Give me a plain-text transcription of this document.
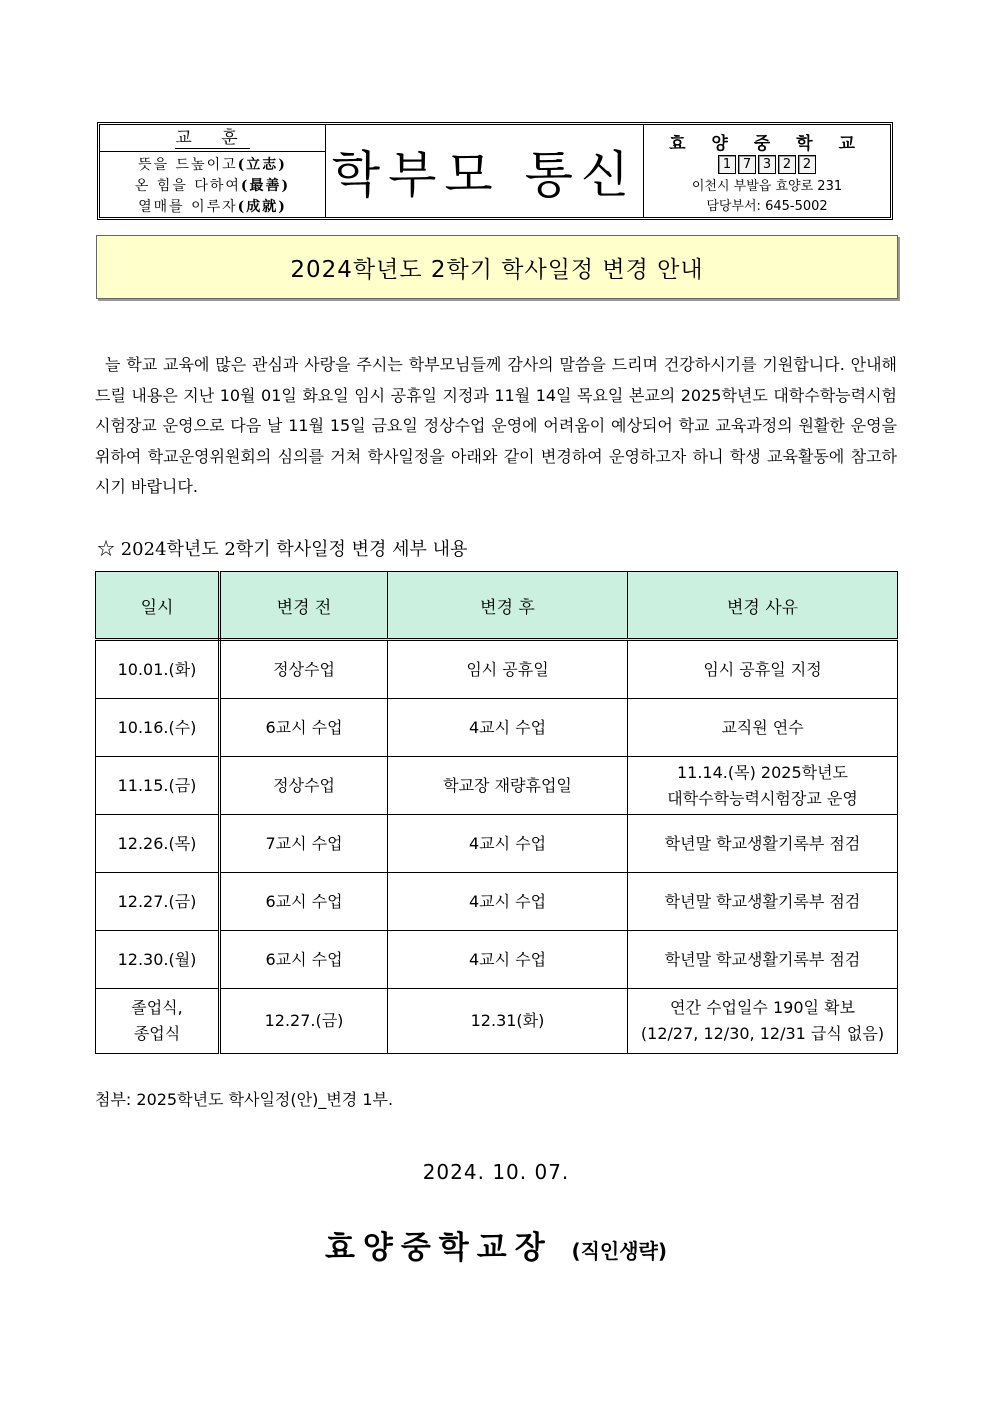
교 훈
뜻을 드높이고(立志)
온 힘을 다하여(最善)
열매를 이루자(成就)
학부모 통신
효 양 중 학 교
1 7 3 2 2
이천시 부발읍 효양로 231
담당부서: 645-5002
2024학년도 2학기 학사일정 변경 안내
늘 학교 교육에 많은 관심과 사랑을 주시는 학부모님들께 감사의 말씀을 드리며 건강하시기를 기원합니다. 안내해 드릴 내용은 지난 10월 01일 화요일 임시 공휴일 지정과 11월 14일 목요일 본교의 2025학년도 대학수학능력시험 시험장교 운영으로 다음 날 11월 15일 금요일 정상수업 운영에 어려움이 예상되어 학교 교육과정의 원활한 운영을 위하여 학교운영위원회의 심의를 거쳐 학사일정을 아래와 같이 변경하여 운영하고자 하니 학생 교육활동에 참고하시기 바랍니다.
☆ 2024학년도 2학기 학사일정 변경 세부 내용
일시	변경 전	변경 후	변경 사유
10.01.(화)	정상수업	임시 공휴일	임시 공휴일 지정
10.16.(수)	6교시 수업	4교시 수업	교직원 연수
11.15.(금)	정상수업	학교장 재량휴업일	11.14.(목) 2025학년도
대학수학능력시험장교 운영
12.26.(목)	7교시 수업	4교시 수업	학년말 학교생활기록부 점검
12.27.(금)	6교시 수업	4교시 수업	학년말 학교생활기록부 점검
12.30.(월)	6교시 수업	4교시 수업	학년말 학교생활기록부 점검
졸업식,
종업식	12.27.(금)	12.31(화)	연간 수업일수 190일 확보
(12/27, 12/30, 12/31 급식 없음)
첨부: 2025학년도 학사일정(안)_변경 1부.
2024. 10. 07.
효양중학교장 (직인생략)
